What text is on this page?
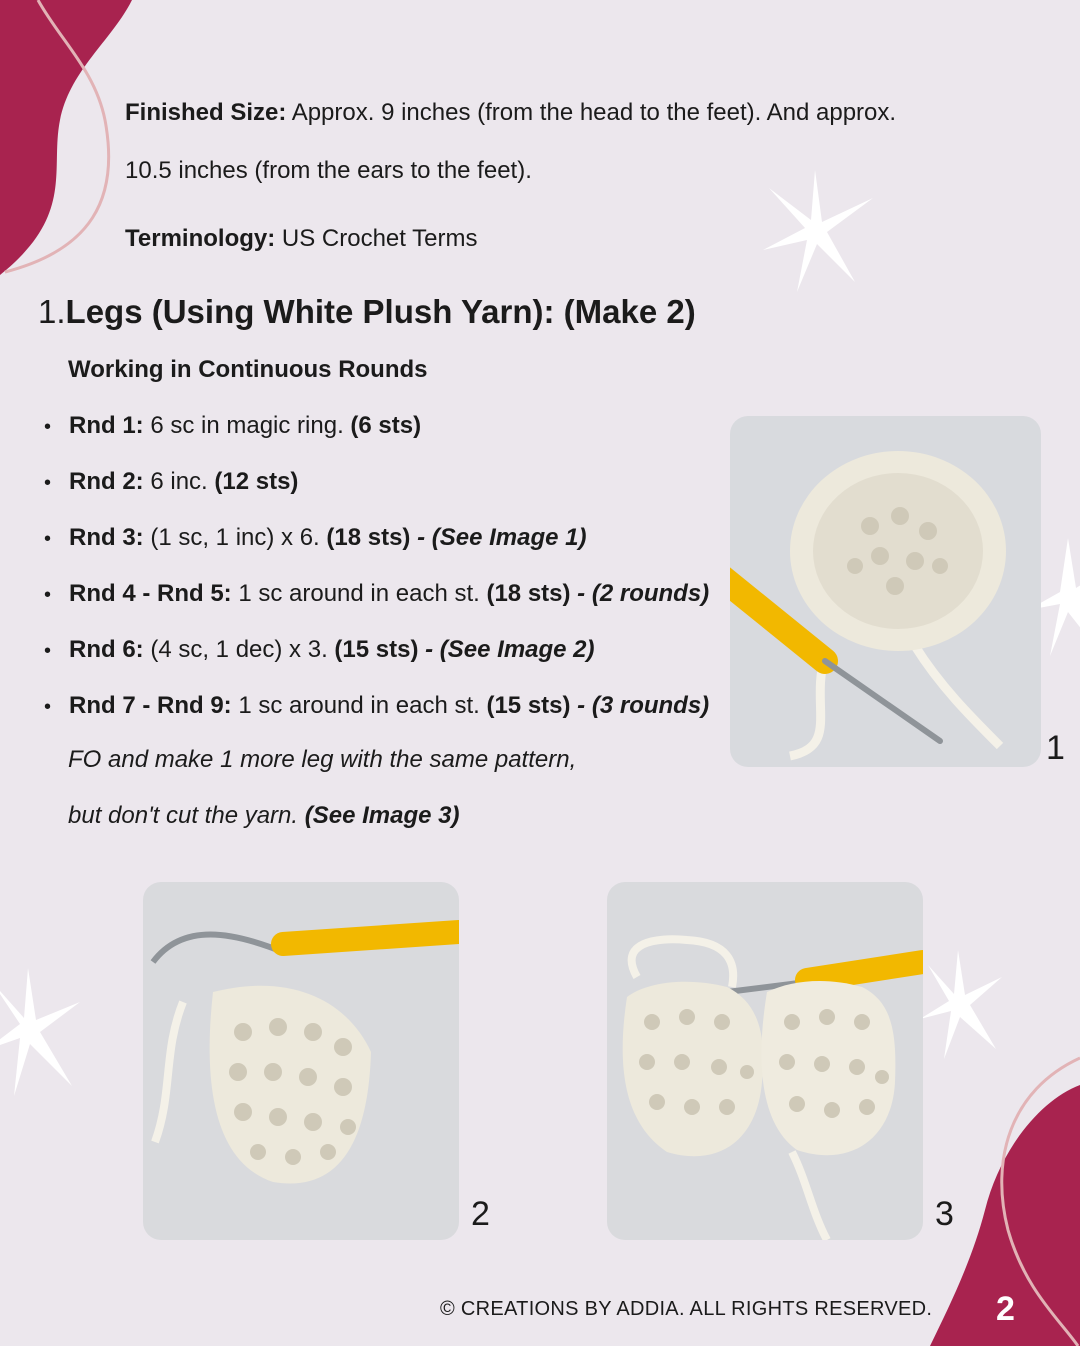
Finished Size: Approx. 9 inches (from the head to the feet). And approx.
10.5 inches (from the ears to the feet).
Terminology: US Crochet Terms
1.Legs (Using White Plush Yarn): (Make 2)
Working in Continuous Rounds
• Rnd 1: 6 sc in magic ring. (6 sts)
• Rnd 2: 6 inc. (12 sts)
• Rnd 3: (1 sc, 1 inc) x 6. (18 sts) - (See Image 1)
• Rnd 4 - Rnd 5: 1 sc around in each st. (18 sts) - (2 rounds)
• Rnd 6: (4 sc, 1 dec) x 3. (15 sts) - (See Image 2)
• Rnd 7 - Rnd 9: 1 sc around in each st. (15 sts) - (3 rounds)
FO and make 1 more leg with the same pattern,
but don't cut the yarn. (See Image 3)
1
2	3
© CREATIONS BY ADDIA. ALL RIGHTS RESERVED. 2
